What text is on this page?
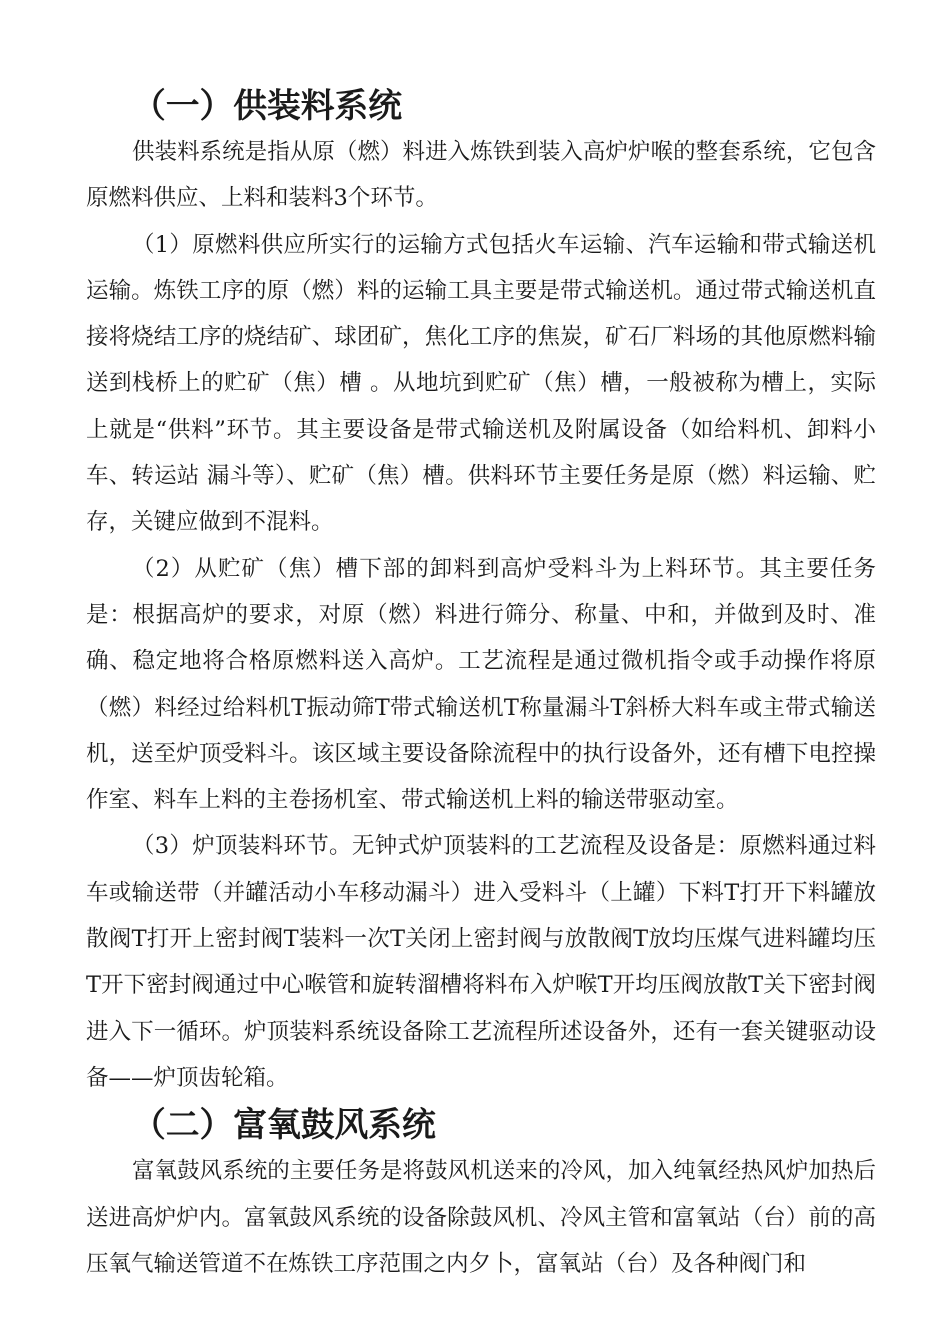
（一）供装料系统

供装料系统是指从原（燃）料进入炼铁到装入高炉炉喉的整套系统，它包含原燃料供应、上料和装料3个环节。

（1）原燃料供应所实行的运输方式包括火车运输、汽车运输和带式输送机运输。炼铁工序的原（燃）料的运输工具主要是带式输送机。通过带式输送机直接将烧结工序的烧结矿、球团矿，焦化工序的焦炭，矿石厂料场的其他原燃料输送到栈桥上的贮矿（焦）槽 。从地坑到贮矿（焦）槽，一般被称为槽上，实际上就是“供料”环节。其主要设备是带式输送机及附属设备（如给料机、卸料小车、转运站 漏斗等）、贮矿（焦）槽。供料环节主要任务是原（燃）料运输、贮存，关键应做到不混料。

（2）从贮矿（焦）槽下部的卸料到高炉受料斗为上料环节。其主要任务是：根据高炉的要求，对原（燃）料进行筛分、称量、中和，并做到及时、准确、稳定地将合格原燃料送入高炉。工艺流程是通过微机指令或手动操作将原（燃）料经过给料机T振动筛T带式输送机T称量漏斗T斜桥大料车或主带式输送机，送至炉顶受料斗。该区域主要设备除流程中的执行设备外，还有槽下电控操作室、料车上料的主卷扬机室、带式输送机上料的输送带驱动室。

（3）炉顶装料环节。无钟式炉顶装料的工艺流程及设备是：原燃料通过料车或输送带（并罐活动小车移动漏斗）进入受料斗（上罐）下料T打开下料罐放散阀T打开上密封阀T装料一次T关闭上密封阀与放散阀T放均压煤气进料罐均压T开下密封阀通过中心喉管和旋转溜槽将料布入炉喉T开均压阀放散T关下密封阀进入下一循环。炉顶装料系统设备除工艺流程所述设备外，还有一套关键驱动设备——炉顶齿轮箱。

（二）富氧鼓风系统

富氧鼓风系统的主要任务是将鼓风机送来的冷风，加入纯氧经热风炉加热后送进高炉炉内。富氧鼓风系统的设备除鼓风机、冷风主管和富氧站（台）前的高压氧气输送管道不在炼铁工序范围之内夕卜，富氧站（台）及各种阀门和
